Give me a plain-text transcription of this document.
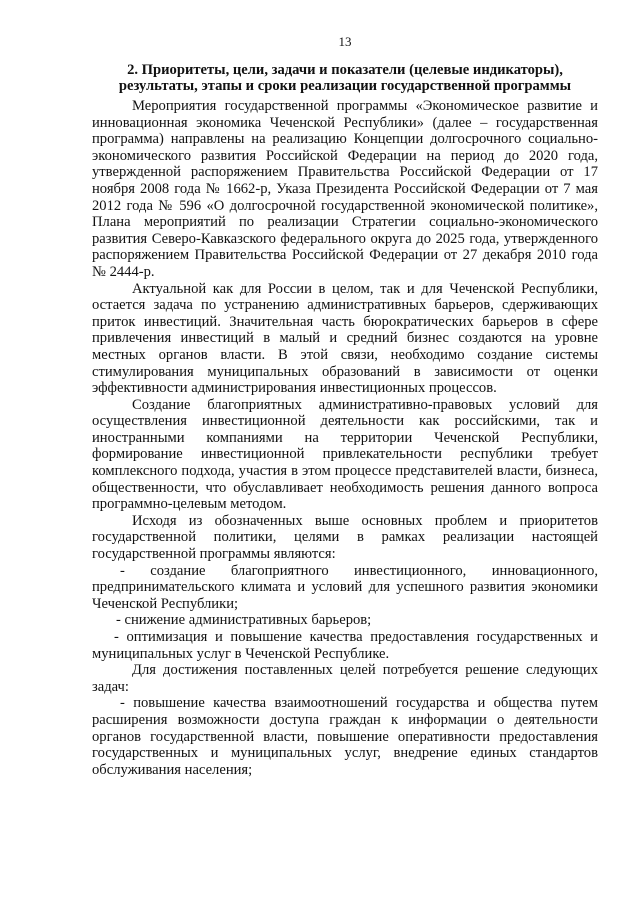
13
2. Приоритеты, цели, задачи и показатели (целевые индикаторы),
результаты, этапы и сроки реализации государственной программы

Мероприятия государственной программы «Экономическое развитие и инновационная экономика Чеченской Республики» (далее – государственная программа) направлены на реализацию Концепции долгосрочного социально-экономического развития Российской Федерации на период до 2020 года, утвержденной распоряжением Правительства Российской Федерации от 17 ноября 2008 года № 1662-р, Указа Президента Российской Федерации от 7 мая 2012 года № 596 «О долгосрочной государственной экономической политике», Плана мероприятий по реализации Стратегии социально-экономического развития Северо-Кавказского федерального округа до 2025 года, утвержденного распоряжением Правительства Российской Федерации от 27 декабря 2010 года № 2444-р.

Актуальной как для России в целом, так и для Чеченской Республики, остается задача по устранению административных барьеров, сдерживающих приток инвестиций. Значительная часть бюрократических барьеров в сфере привлечения инвестиций в малый и средний бизнес создаются на уровне местных органов власти. В этой связи, необходимо создание системы стимулирования муниципальных образований в зависимости от оценки эффективности администрирования инвестиционных процессов.

Создание благоприятных административно-правовых условий для осуществления инвестиционной деятельности как российскими, так и иностранными компаниями на территории Чеченской Республики, формирование инвестиционной привлекательности республики требует комплексного подхода, участия в этом процессе представителей власти, бизнеса, общественности, что обуславливает необходимость решения данного вопроса программно-целевым методом.

Исходя из обозначенных выше основных проблем и приоритетов государственной политики, целями в рамках реализации настоящей государственной программы являются:

- создание благоприятного инвестиционного, инновационного, предпринимательского климата и условий для успешного развития экономики Чеченской Республики;

- снижение административных барьеров;

- оптимизация и повышение качества предоставления государственных и муниципальных услуг в Чеченской Республике.

Для достижения поставленных целей потребуется решение следующих задач:

- повышение качества взаимоотношений государства и общества путем расширения возможности доступа граждан к информации о деятельности органов государственной власти, повышение оперативности предоставления государственных и муниципальных услуг, внедрение единых стандартов обслуживания населения;
